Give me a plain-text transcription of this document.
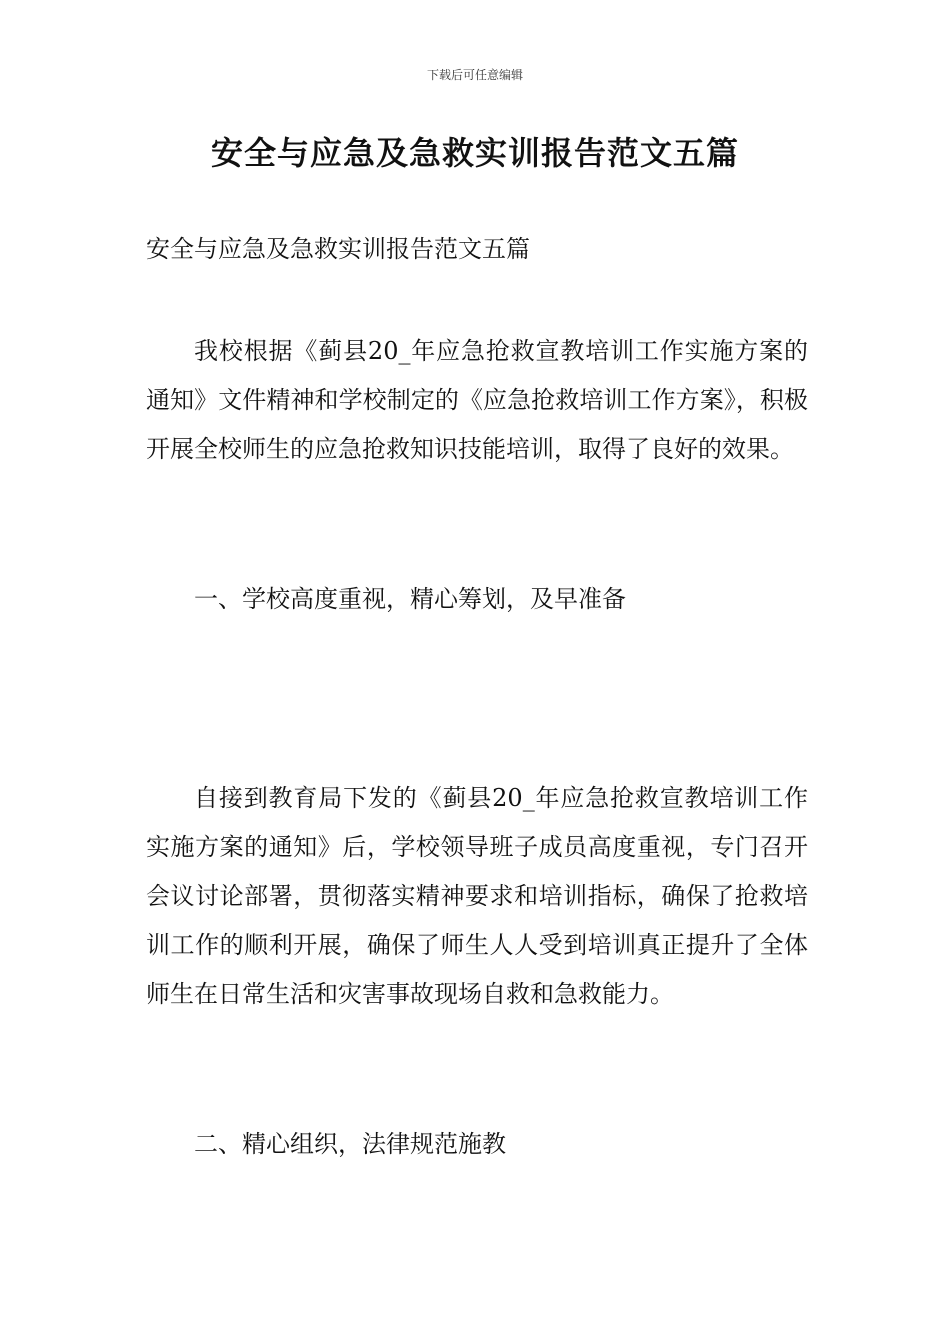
下载后可任意编辑
安全与应急及急救实训报告范文五篇

安全与应急及急救实训报告范文五篇

我校根据《蓟县20_年应急抢救宣教培训工作实施方案的通知》文件精神和学校制定的《应急抢救培训工作方案》，积极开展全校师生的应急抢救知识技能培训，取得了良好的效果。

一、学校高度重视，精心筹划，及早准备

自接到教育局下发的《蓟县20_年应急抢救宣教培训工作实施方案的通知》后，学校领导班子成员高度重视，专门召开会议讨论部署，贯彻落实精神要求和培训指标，确保了抢救培训工作的顺利开展，确保了师生人人受到培训真正提升了全体师生在日常生活和灾害事故现场自救和急救能力。

二、精心组织，法律规范施教
